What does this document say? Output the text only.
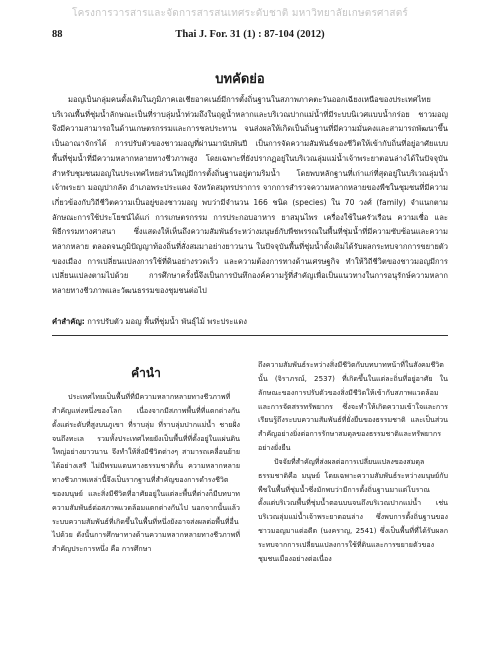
โครงการวารสารและจัดการสารสนเทศระดับชาติ มหาวิทยาลัยเกษตรศาสตร์
Thai J. For. 31 (1) : 87-104 (2012)
88
บทคัดย่อ

มอญเป็นกลุ่มคนดั้งเดิมในภูมิภาคเอเชียอาคเนย์มีการตั้งถิ่นฐานในสภาพภาคตะวันออกเฉียงเหนือของประเทศไทย บริเวณพื้นที่ชุ่มน้ำลักษณะเป็นที่ราบลุ่มน้ำท่วมถึงในฤดูน้ำหลากและบริเวณปากแม่น้ำที่มีระบบนิเวศแบบน้ำกร่อย ชาวมอญจึงมีความสามารถในด้านเกษตรกรรมและการชลประทาน จนส่งผลให้เกิดเป็นถิ่นฐานที่มีความมั่นคงและสามารถพัฒนาขึ้นเป็นอาณาจักรได้ การปรับตัวของชาวมอญที่ผ่านมานับพันปี เป็นการจัดความสัมพันธ์ของชีวิตให้เข้ากับถิ่นที่อยู่อาศัยแบบพื้นที่ชุ่มน้ำที่มีความหลากหลายทางชีวภาพสูง โดยเฉพาะที่ยังปรากฏอยู่ในบริเวณลุ่มแม่น้ำเจ้าพระยาตอนล่างได้ในปัจจุบัน สำหรับชุมชนมอญในประเทศไทยส่วนใหญ่มีการตั้งถิ่นฐานอยู่ตามริมน้ำ โดยพบหลักฐานที่เก่าแก่ที่สุดอยู่ในบริเวณลุ่มน้ำเจ้าพระยา มอญปากลัด อำเภอพระประแดง จังหวัดสมุทรปราการ จากการสำรวจความหลากหลายของพืชในชุมชนที่มีความเกี่ยวข้องกับวิถีชีวิตความเป็นอยู่ของชาวมอญ พบว่ามีจำนวน 166 ชนิด (species) ใน 70 วงศ์ (family) จำแนกตามลักษณะการใช้ประโยชน์ได้แก่ การเกษตรกรรม การประกอบอาหาร ยาสมุนไพร เครื่องใช้ในครัวเรือน ความเชื่อ และพิธีกรรมทางศาสนา ซึ่งแสดงให้เห็นถึงความสัมพันธ์ระหว่างมนุษย์กับพืชพรรณในพื้นที่ชุ่มน้ำที่มีความซับซ้อนและความหลากหลาย ตลอดจนภูมิปัญญาท้องถิ่นที่สั่งสมมาอย่างยาวนาน ในปัจจุบันพื้นที่ชุ่มน้ำดั้งเดิมได้รับผลกระทบจากการขยายตัวของเมือง การเปลี่ยนแปลงการใช้ที่ดินอย่างรวดเร็ว และความต้องการทางด้านเศรษฐกิจ ทำให้วิถีชีวิตของชาวมอญมีการเปลี่ยนแปลงตามไปด้วย การศึกษาครั้งนี้จึงเป็นการบันทึกองค์ความรู้ที่สำคัญเพื่อเป็นแนวทางในการอนุรักษ์ความหลากหลายทางชีวภาพและวัฒนธรรมของชุมชนต่อไป

คำสำคัญ: การปรับตัว มอญ พื้นที่ชุ่มน้ำ พันธุ์ไม้ พระประแดง
คำนำ

ประเทศไทยเป็นพื้นที่ที่มีความหลากหลายทางชีวภาพที่สำคัญแห่งหนึ่งของโลก เนื่องจากมีสภาพพื้นที่ที่แตกต่างกันตั้งแต่ระดับที่สูงบนภูเขา ที่ราบลุ่ม ที่ราบลุ่มปากแม่น้ำ ชายฝั่ง จนถึงทะเล รวมทั้งประเทศไทยยังเป็นพื้นที่ที่ตั้งอยู่ในแผ่นดินใหญ่อย่างยาวนาน จึงทำให้สิ่งมีชีวิตต่างๆ สามารถเคลื่อนย้ายได้อย่างเสรี ไม่มีพรมแดนทางธรรมชาติกั้น ความหลากหลายทางชีวภาพเหล่านี้จึงเป็นรากฐานที่สำคัญของการดำรงชีวิตของมนุษย์ และสิ่งมีชีวิตที่อาศัยอยู่ในแต่ละพื้นที่ต่างก็มีบทบาทความสัมพันธ์ต่อสภาพแวดล้อมแตกต่างกันไป นอกจากนั้นแล้วระบบความสัมพันธ์ที่เกิดขึ้นในพื้นที่หนึ่งยังอาจส่งผลต่อพื้นที่อื่นไปด้วย ดังนั้นการศึกษาทางด้านความหลากหลายทางชีวภาพที่สำคัญประการหนึ่ง คือ การศึกษา

ถึงความสัมพันธ์ระหว่างสิ่งมีชีวิตกับบทบาทหน้าที่ในสังคมชีวิตนั้น (จิราภรณ์, 2537) ที่เกิดขึ้นในแต่ละถิ่นที่อยู่อาศัย ในลักษณะของการปรับตัวของสิ่งมีชีวิตให้เข้ากับสภาพแวดล้อมและการจัดสรรทรัพยากร ซึ่งจะทำให้เกิดความเข้าใจและการเรียนรู้ถึงระบบความสัมพันธ์ที่ยั่งยืนของธรรมชาติ และเป็นส่วนสำคัญอย่างยิ่งต่อการรักษาสมดุลของธรรมชาติและทรัพยากรอย่างยั่งยืน

ปัจจัยที่สำคัญที่ส่งผลต่อการเปลี่ยนแปลงของสมดุลธรรมชาติคือ มนุษย์ โดยเฉพาะความสัมพันธ์ระหว่างมนุษย์กับพืชในพื้นที่ชุ่มน้ำซึ่งมักพบว่ามีการตั้งถิ่นฐานมาแต่โบราณ ตั้งแต่บริเวณพื้นที่ชุ่มน้ำตอนบนจนถึงบริเวณปากแม่น้ำ เช่น บริเวณลุ่มแม่น้ำเจ้าพระยาตอนล่าง ซึ่งพบการตั้งถิ่นฐานของชาวมอญมาแต่อดีต (นงคราญ, 2541) ซึ่งเป็นพื้นที่ที่ได้รับผลกระทบจากการเปลี่ยนแปลงการใช้ที่ดินและการขยายตัวของชุมชนเมืองอย่างต่อเนื่อง
